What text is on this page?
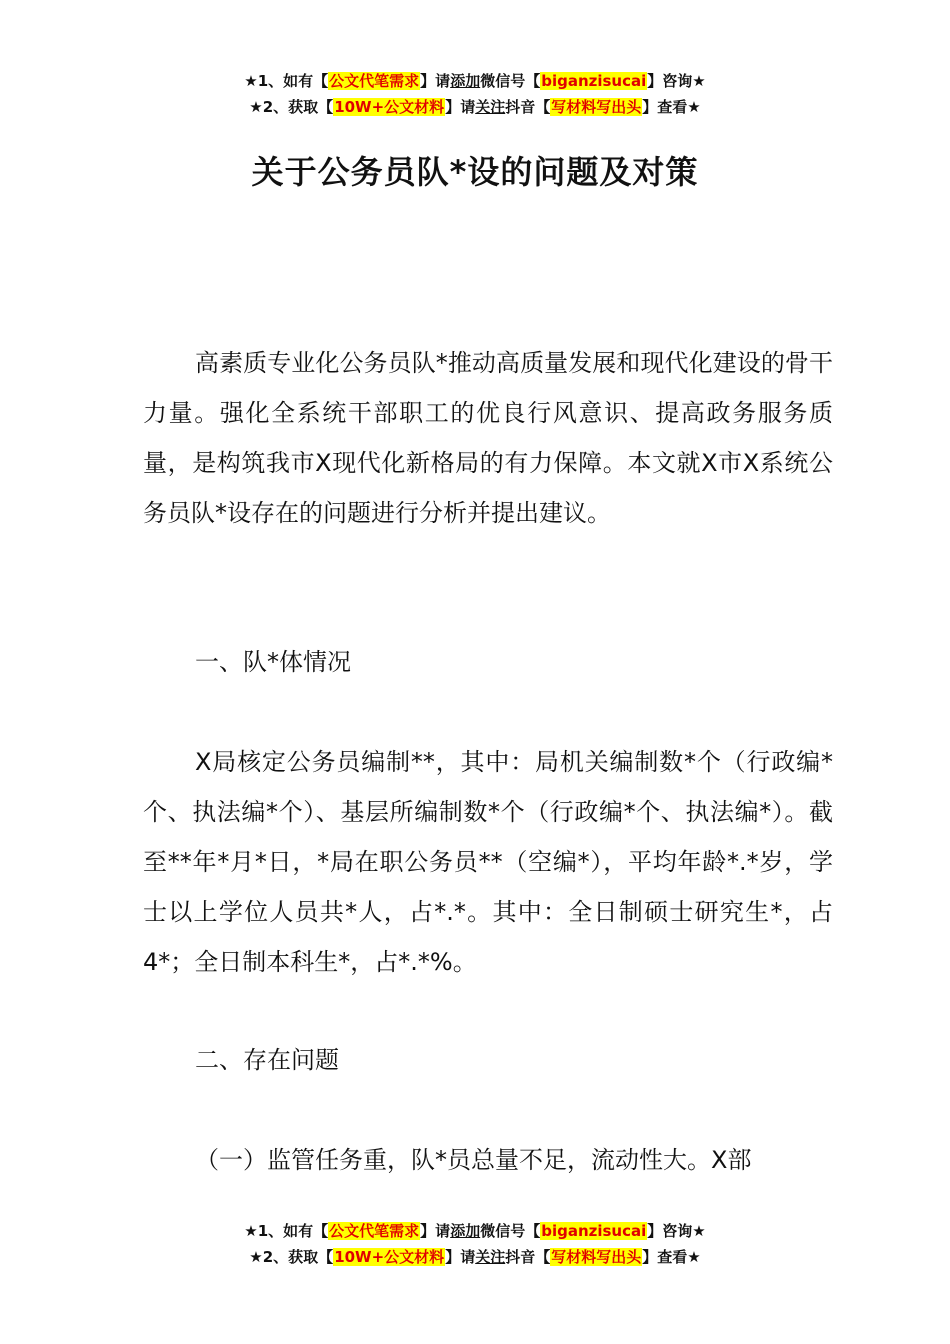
★1、如有【公文代笔需求】请添加微信号【biganzisucai】咨询★
★2、获取【10W+公文材料】请关注抖音【写材料写出头】查看★
关于公务员队*设的问题及对策

高素质专业化公务员队*推动高质量发展和现代化建设的骨干力量。强化全系统干部职工的优良行风意识、提高政务服务质量，是构筑我市X现代化新格局的有力保障。本文就X市X系统公务员队*设存在的问题进行分析并提出建议。

一、队*体情况

X局核定公务员编制**，其中：局机关编制数*个（行政编*个、执法编*个）、基层所编制数*个（行政编*个、执法编*）。截至**年*月*日，*局在职公务员**（空编*），平均年龄*.*岁，学士以上学位人员共*人，占*.*。其中：全日制硕士研究生*，占4*；全日制本科生*，占*.*%。

二、存在问题

（一）监管任务重，队*员总量不足，流动性大。X部

★1、如有【公文代笔需求】请添加微信号【biganzisucai】咨询★
★2、获取【10W+公文材料】请关注抖音【写材料写出头】查看★
